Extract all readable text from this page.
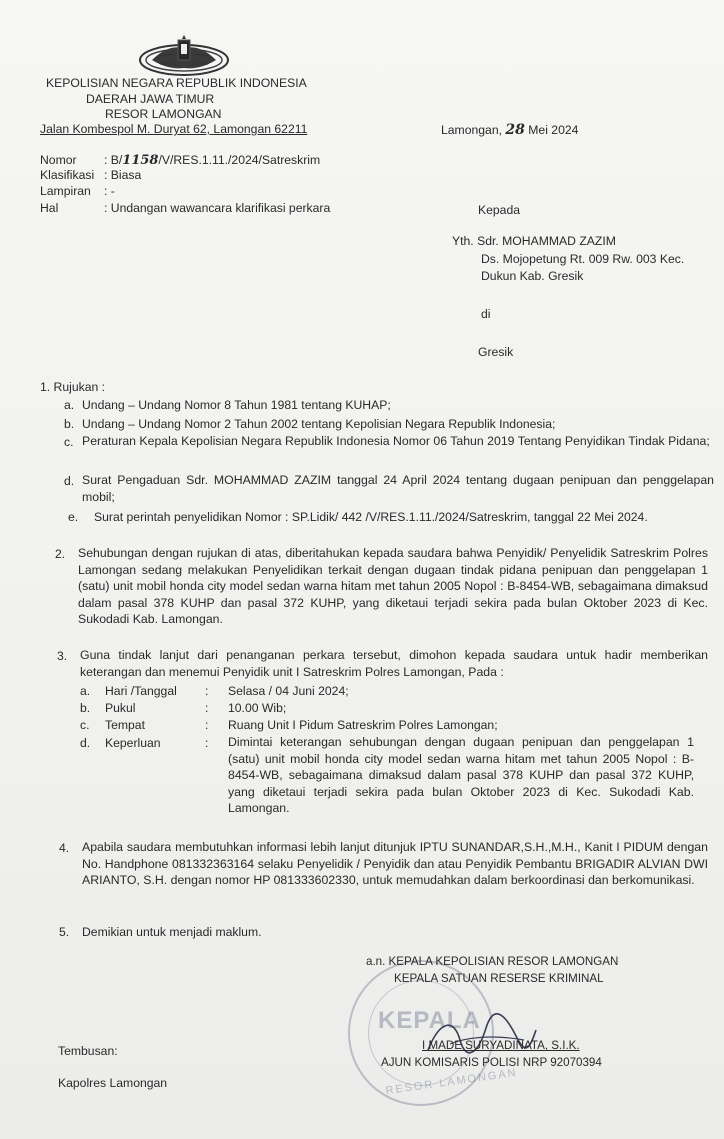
KEPOLISIAN NEGARA REPUBLIK INDONESIA
DAERAH JAWA TIMUR
RESOR LAMONGAN
Jalan Kombespol M. Duryat 62, Lamongan 62211	Lamongan, 28 Mei 2024
Nomor : B/1158/V/RES.1.11./2024/Satreskrim
Klasifikasi : Biasa
Lampiran : -
Hal	: Undangan wawancara klarifikasi perkara	Kepada
Yth. Sdr. MOHAMMAD ZAZIM
Ds. Mojopetung Rt. 009 Rw. 003 Kec.
Dukun Kab. Gresik
di
Gresik
1. Rujukan :
a. Undang – Undang Nomor 8 Tahun 1981 tentang KUHAP;
b. Undang – Undang Nomor 2 Tahun 2002 tentang Kepolisian Negara Republik Indonesia;
c. Peraturan Kepala Kepolisian Negara Republik Indonesia Nomor 06 Tahun 2019 Tentang Penyidikan Tindak Pidana;
d. Surat Pengaduan Sdr. MOHAMMAD ZAZIM tanggal 24 April 2024 tentang dugaan penipuan dan penggelapan mobil;
e. Surat perintah penyelidikan Nomor : SP.Lidik/ 442 /V/RES.1.11./2024/Satreskrim, tanggal 22 Mei 2024.
2. Sehubungan dengan rujukan di atas, diberitahukan kepada saudara bahwa Penyidik/ Penyelidik Satreskrim Polres Lamongan sedang melakukan Penyelidikan terkait dengan dugaan tindak pidana penipuan dan penggelapan 1 (satu) unit mobil honda city model sedan warna hitam met tahun 2005 Nopol : B-8454-WB, sebagaimana dimaksud dalam pasal 378 KUHP dan pasal 372 KUHP, yang diketaui terjadi sekira pada bulan Oktober 2023 di Kec. Sukodadi Kab. Lamongan.
3. Guna tindak lanjut dari penanganan perkara tersebut, dimohon kepada saudara untuk hadir memberikan keterangan dan menemui Penyidik unit I Satreskrim Polres Lamongan, Pada :
a. Hari /Tanggal : Selasa / 04 Juni 2024;
b. Pukul	: 10.00 Wib;
c. Tempat	: Ruang Unit I Pidum Satreskrim Polres Lamongan;
d. Keperluan	: Dimintai keterangan sehubungan dengan dugaan penipuan dan penggelapan 1 (satu) unit mobil honda city model sedan warna hitam met tahun 2005 Nopol : B-8454-WB, sebagaimana dimaksud dalam pasal 378 KUHP dan pasal 372 KUHP, yang diketaui terjadi sekira pada bulan Oktober 2023 di Kec. Sukodadi Kab. Lamongan.
4. Apabila saudara membutuhkan informasi lebih lanjut ditunjuk IPTU SUNANDAR,S.H.,M.H., Kanit I PIDUM dengan No. Handphone 081332363164 selaku Penyelidik / Penyidik dan atau Penyidik Pembantu BRIGADIR ALVIAN DWI ARIANTO, S.H. dengan nomor HP 081333602330, untuk memudahkan dalam berkoordinasi dan berkomunikasi.
5. Demikian untuk menjadi maklum.
KEPALA
RESOR LAMONGAN
a.n. KEPALA KEPOLISIAN RESOR LAMONGAN
KEPALA SATUAN RESERSE KRIMINAL
I MADE SURYADINATA, S.I.K.
AJUN KOMISARIS POLISI NRP 92070394
Tembusan:
Kapolres Lamongan
